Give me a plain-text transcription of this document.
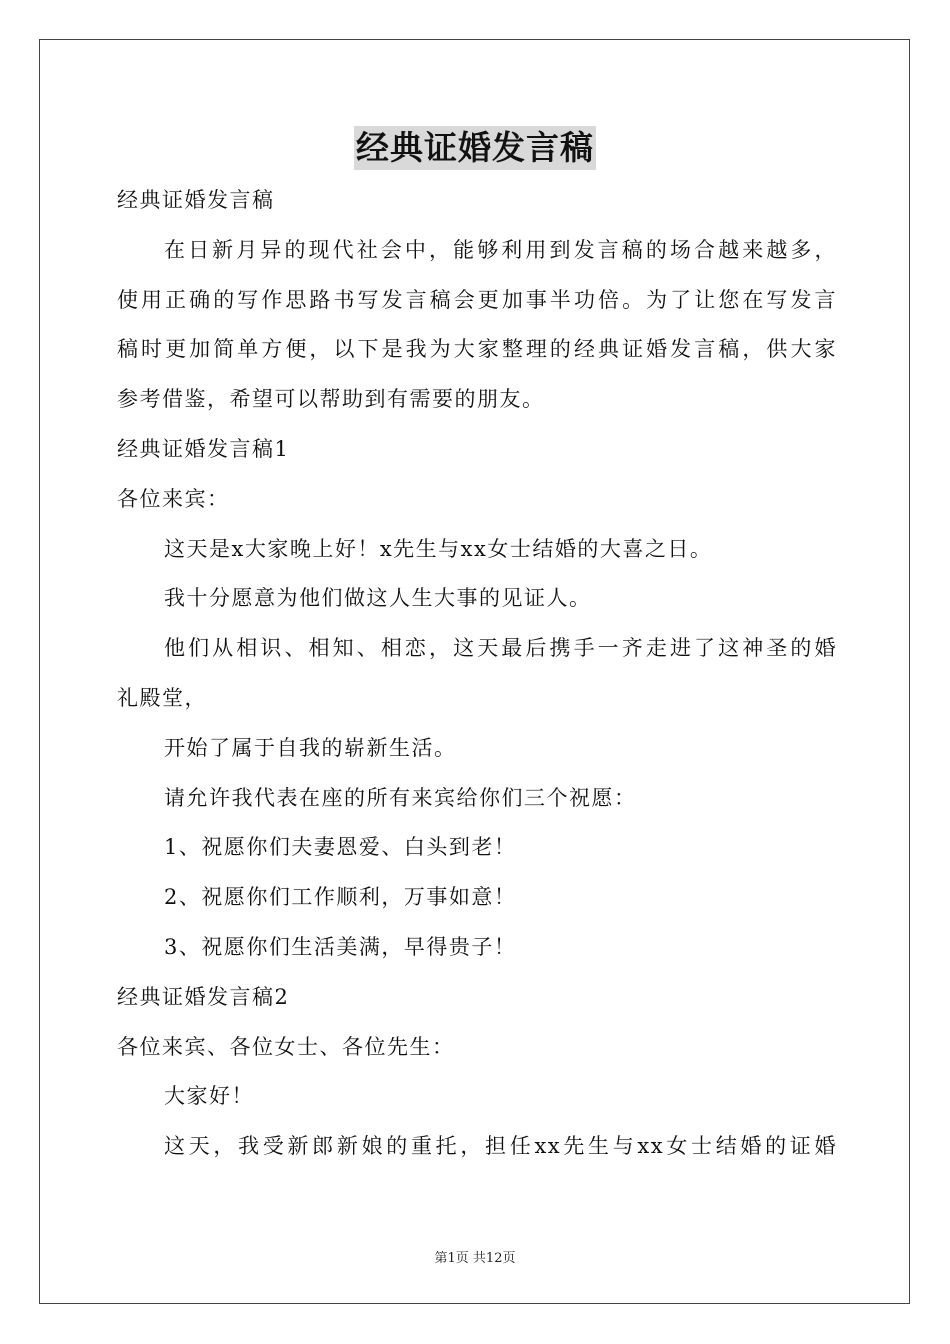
经典证婚发言稿
经典证婚发言稿
在日新月异的现代社会中，能够利用到发言稿的场合越来越多，
使用正确的写作思路书写发言稿会更加事半功倍。为了让您在写发言
稿时更加简单方便，以下是我为大家整理的经典证婚发言稿，供大家
参考借鉴，希望可以帮助到有需要的朋友。
经典证婚发言稿1
各位来宾：
这天是x大家晚上好！x先生与xx女士结婚的大喜之日。
我十分愿意为他们做这人生大事的见证人。
他们从相识、相知、相恋，这天最后携手一齐走进了这神圣的婚
礼殿堂，
开始了属于自我的崭新生活。
请允许我代表在座的所有来宾给你们三个祝愿：
1、祝愿你们夫妻恩爱、白头到老！
2、祝愿你们工作顺利，万事如意！
3、祝愿你们生活美满，早得贵子！
经典证婚发言稿2
各位来宾、各位女士、各位先生：
大家好！
这天，我受新郎新娘的重托，担任xx先生与xx女士结婚的证婚
第1页 共12页
